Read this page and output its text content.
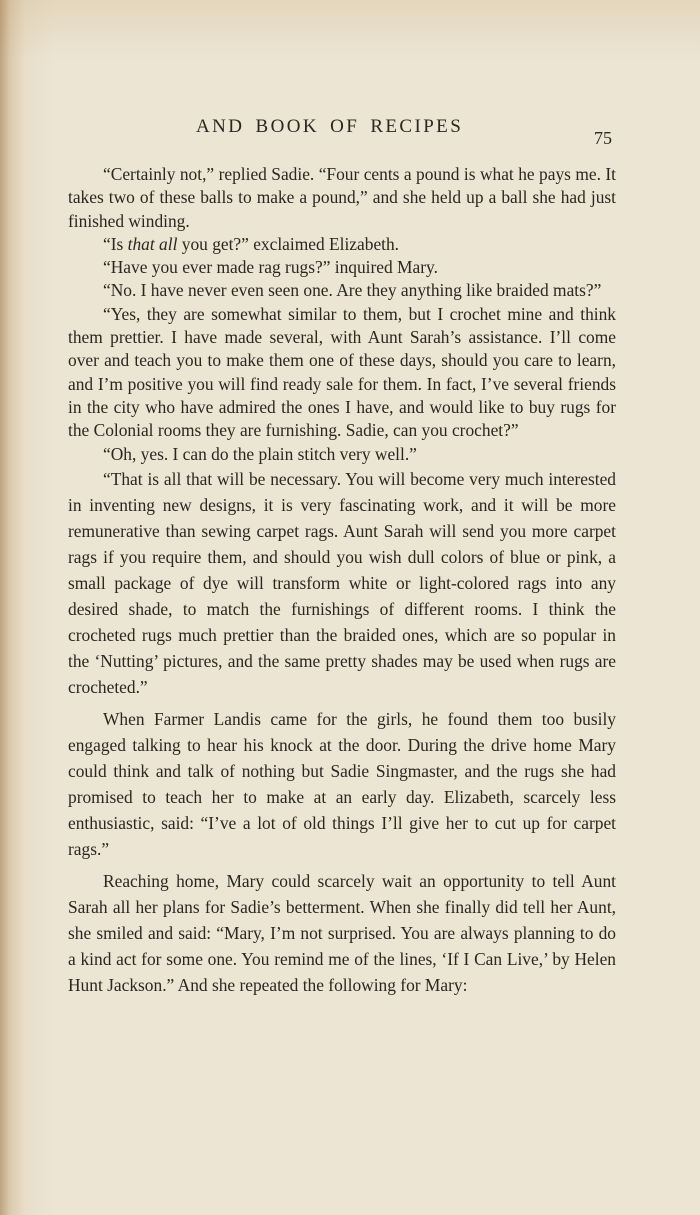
AND BOOK OF RECIPES
75

“Certainly not,” replied Sadie. “Four cents a pound is what he pays me. It takes two of these balls to make a pound,” and she held up a ball she had just finished winding.

“Is that all you get?” exclaimed Elizabeth.

“Have you ever made rag rugs?” inquired Mary.

“No. I have never even seen one. Are they anything like braided mats?”

“Yes, they are somewhat similar to them, but I crochet mine and think them prettier. I have made several, with Aunt Sarah’s assistance. I’ll come over and teach you to make them one of these days, should you care to learn, and I’m positive you will find ready sale for them. In fact, I’ve several friends in the city who have admired the ones I have, and would like to buy rugs for the Colonial rooms they are furnishing. Sadie, can you crochet?”

“Oh, yes. I can do the plain stitch very well.”

“That is all that will be necessary. You will become very much interested in inventing new designs, it is very fascinating work, and it will be more remunerative than sewing carpet rags. Aunt Sarah will send you more carpet rags if you require them, and should you wish dull colors of blue or pink, a small package of dye will transform white or light-colored rags into any desired shade, to match the furnishings of different rooms. I think the crocheted rugs much prettier than the braided ones, which are so popular in the ‘Nutting’ pictures, and the same pretty shades may be used when rugs are crocheted.”

When Farmer Landis came for the girls, he found them too busily engaged talking to hear his knock at the door. During the drive home Mary could think and talk of nothing but Sadie Singmaster, and the rugs she had promised to teach her to make at an early day. Elizabeth, scarcely less enthusiastic, said: “I’ve a lot of old things I’ll give her to cut up for carpet rags.”

Reaching home, Mary could scarcely wait an opportunity to tell Aunt Sarah all her plans for Sadie’s betterment. When she finally did tell her Aunt, she smiled and said: “Mary, I’m not surprised. You are always planning to do a kind act for some one. You remind me of the lines, ‘If I Can Live,’ by Helen Hunt Jackson.” And she repeated the following for Mary:
